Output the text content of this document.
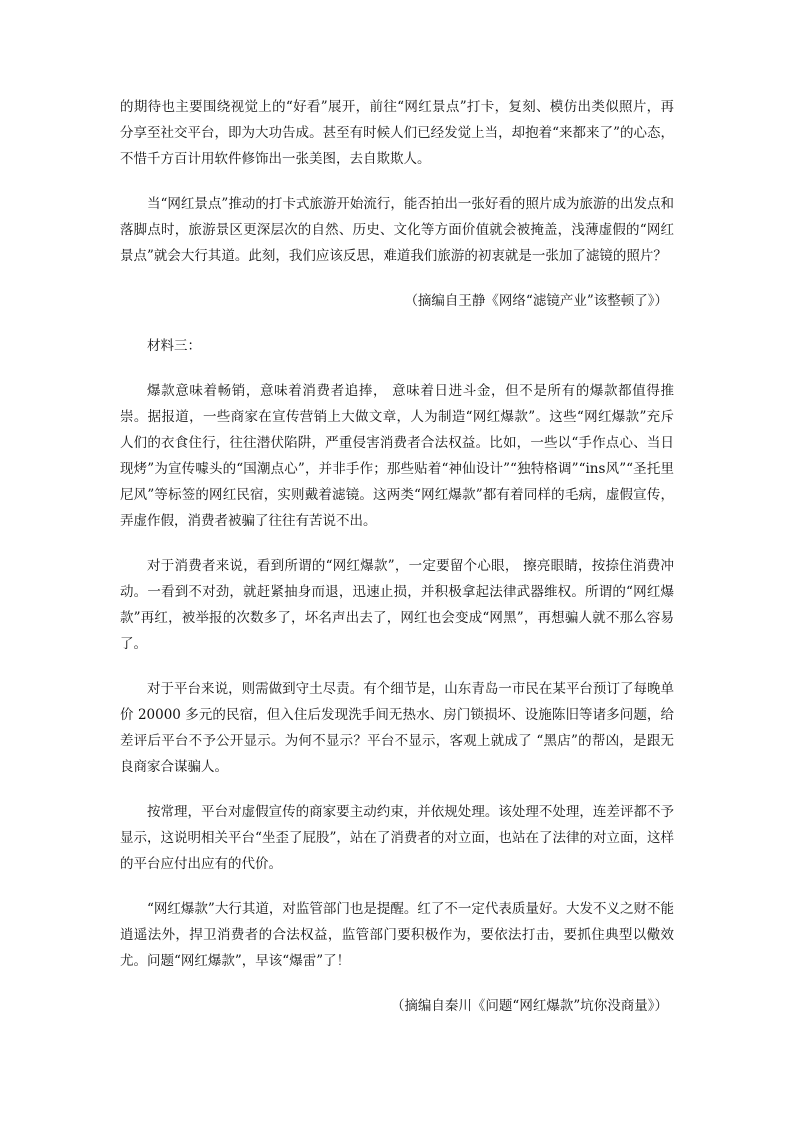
的期待也主要围绕视觉上的“好看”展开，前往“网红景点”打卡，复刻、模仿出类似照片，再分享至社交平台，即为大功告成。甚至有时候人们已经发觉上当，却抱着“来都来了”的心态，不惜千方百计用软件修饰出一张美图，去自欺欺人。

当“网红景点”推动的打卡式旅游开始流行，能否拍出一张好看的照片成为旅游的出发点和落脚点时，旅游景区更深层次的自然、历史、文化等方面价值就会被掩盖，浅薄虚假的“网红景点”就会大行其道。此刻，我们应该反思，难道我们旅游的初衷就是一张加了滤镜的照片？

（摘编自王静《网络“滤镜产业”该整顿了》）

材料三：

爆款意味着畅销，意味着消费者追捧， 意味着日进斗金，但不是所有的爆款都值得推崇。据报道，一些商家在宣传营销上大做文章，人为制造“网红爆款”。这些“网红爆款”充斥人们的衣食住行，往往潜伏陷阱，严重侵害消费者合法权益。比如，一些以“手作点心、当日现烤”为宣传噱头的“国潮点心”，并非手作；那些贴着“神仙设计”“独特格调”“ins风”“圣托里尼风”等标签的网红民宿，实则戴着滤镜。这两类“网红爆款”都有着同样的毛病，虚假宣传，弄虚作假，消费者被骗了往往有苦说不出。

对于消费者来说，看到所谓的“网红爆款”，一定要留个心眼， 擦亮眼睛，按捺住消费冲动。一看到不对劲，就赶紧抽身而退，迅速止损，并积极拿起法律武器维权。所谓的“网红爆款”再红，被举报的次数多了，坏名声出去了，网红也会变成“网黑”，再想骗人就不那么容易了。

对于平台来说，则需做到守土尽责。有个细节是，山东青岛一市民在某平台预订了每晚单价 20000 多元的民宿，但入住后发现洗手间无热水、房门锁损坏、设施陈旧等诸多问题，给差评后平台不予公开显示。为何不显示？平台不显示，客观上就成了 “黑店”的帮凶，是跟无良商家合谋骗人。

按常理，平台对虚假宣传的商家要主动约束，并依规处理。该处理不处理，连差评都不予显示，这说明相关平台“坐歪了屁股”，站在了消费者的对立面，也站在了法律的对立面，这样的平台应付出应有的代价。

“网红爆款”大行其道，对监管部门也是提醒。红了不一定代表质量好。大发不义之财不能逍遥法外，捍卫消费者的合法权益，监管部门要积极作为，要依法打击，要抓住典型以儆效尤。问题“网红爆款”，早该“爆雷”了！

（摘编自秦川《问题“网红爆款”坑你没商量》）
